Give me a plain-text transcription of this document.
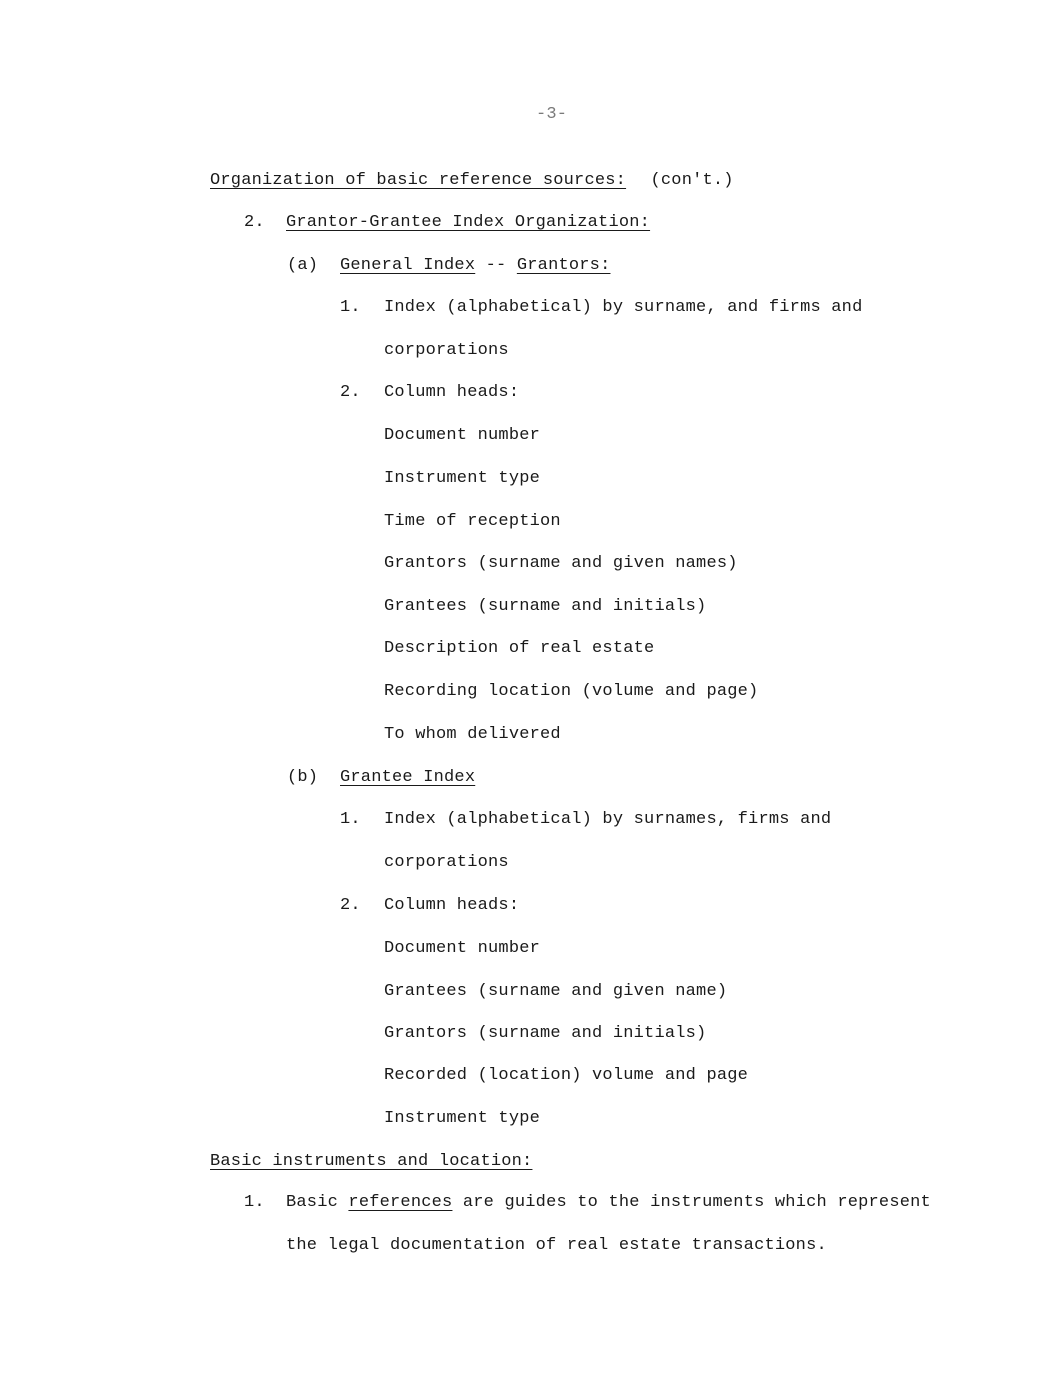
-3-
Organization of basic reference sources: (con't.)
2. Grantor-Grantee Index Organization:
(a) General Index -- Grantors:
1. Index (alphabetical) by surname, and firms and
corporations
2. Column heads:
Document number
Instrument type
Time of reception
Grantors (surname and given names)
Grantees (surname and initials)
Description of real estate
Recording location (volume and page)
To whom delivered
(b) Grantee Index
1. Index (alphabetical) by surnames, firms and
corporations
2. Column heads:
Document number
Grantees (surname and given name)
Grantors (surname and initials)
Recorded (location) volume and page
Instrument type
Basic instruments and location:
1. Basic references are guides to the instruments which represent
the legal documentation of real estate transactions.
